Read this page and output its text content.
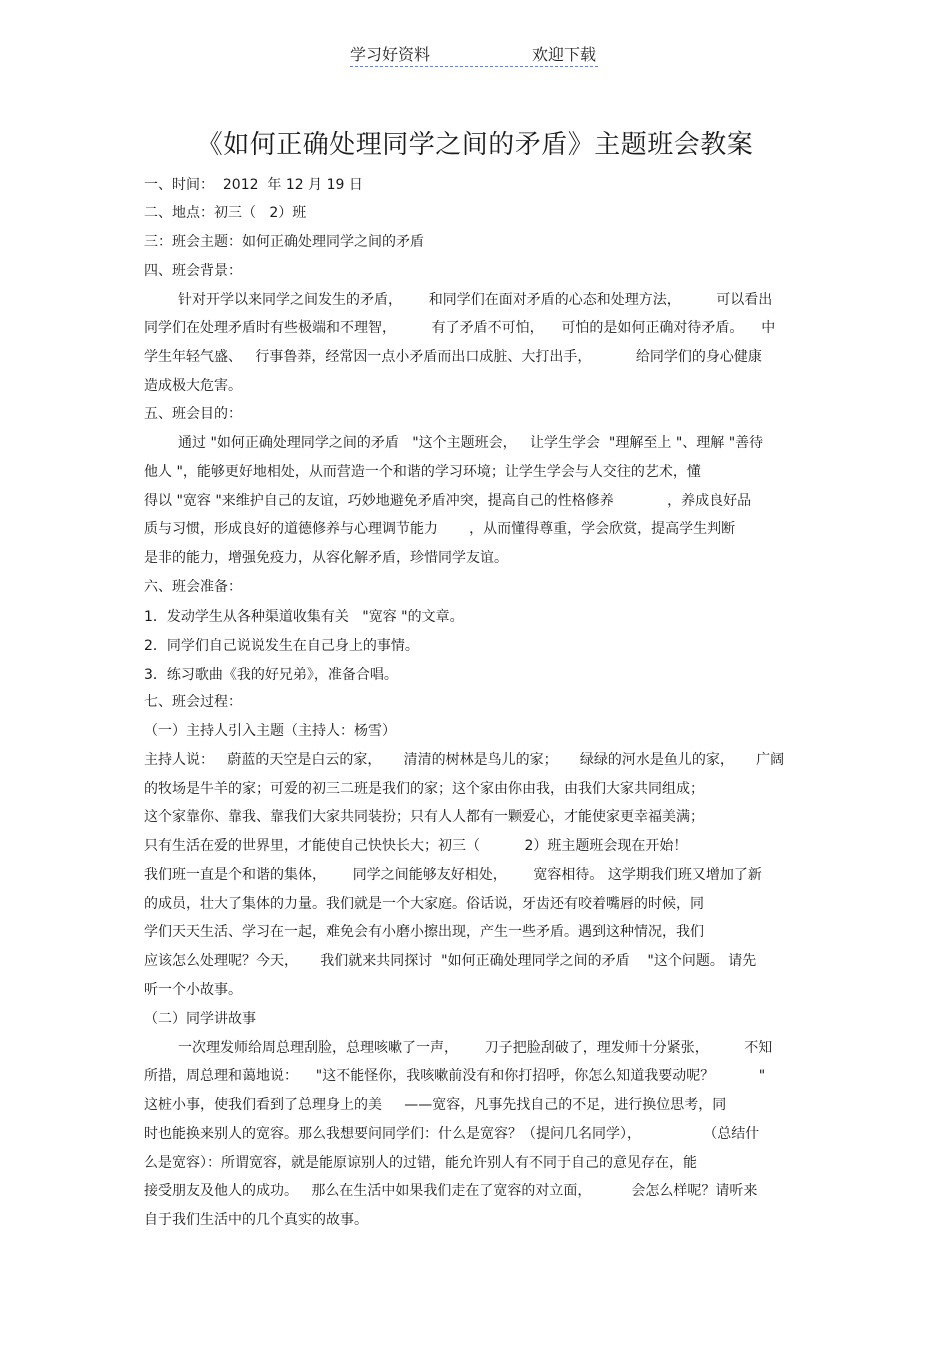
学习好资料	欢迎下载
《如何正确处理同学之间的矛盾》主题班会教案
一、时间：  2012  年 12 月 19 日
二、地点：初三（   2）班
三：班会主题：如何正确处理同学之间的矛盾
四、班会背景：
针对开学以来同学之间发生的矛盾，      和同学们在面对矛盾的心态和处理方法，        可以看出
同学们在处理矛盾时有些极端和不理智，        有了矛盾不可怕，    可怕的是如何正确对待矛盾。    中
学生年轻气盛、   行事鲁莽，经常因一点小矛盾而出口成脏、大打出手，          给同学们的身心健康
造成极大危害。
五、班会目的：
通过 "如何正确处理同学之间的矛盾   "这个主题班会，   让学生学会  "理解至上 "、理解 "善待
他人 "，能够更好地相处，从而营造一个和谐的学习环境；让学生学会与人交往的艺术，懂
得以 "宽容 "来维护自己的友谊，巧妙地避免矛盾冲突，提高自己的性格修养            ，养成良好品
质与习惯，形成良好的道德修养与心理调节能力       ，从而懂得尊重，学会欣赏，提高学生判断
是非的能力，增强免疫力，从容化解矛盾，珍惜同学友谊。
六、班会准备：
1．发动学生从各种渠道收集有关   "宽容 "的文章。
2．同学们自己说说发生在自己身上的事情。
3．练习歌曲《我的好兄弟》，准备合唱。
七、班会过程：
（一）主持人引入主题（主持人：杨雪）
主持人说：   蔚蓝的天空是白云的家，     清清的树林是鸟儿的家；     绿绿的河水是鱼儿的家，     广阔
的牧场是牛羊的家；可爱的初三二班是我们的家；这个家由你由我，由我们大家共同组成；
这个家靠你、靠我、靠我们大家共同装扮；只有人人都有一颗爱心，才能使家更幸福美满；
只有生活在爱的世界里，才能使自己快快长大；初三（          2）班主题班会现在开始！
我们班一直是个和谐的集体，      同学之间能够友好相处，      宽容相待。 这学期我们班又增加了新
的成员，壮大了集体的力量。我们就是一个大家庭。俗话说，牙齿还有咬着嘴唇的时候，同
学们天天生活、学习在一起，难免会有小磨小擦出现，产生一些矛盾。遇到这种情况，我们
应该怎么处理呢？今天，     我们就来共同探讨  "如何正确处理同学之间的矛盾    "这个问题。 请先
听一个小故事。
（二）同学讲故事
一次理发师给周总理刮脸，总理咳嗽了一声，      刀子把脸刮破了，理发师十分紧张，        不知
所措，周总理和蔼地说：    "这不能怪你，我咳嗽前没有和你打招呼，你怎么知道我要动呢？          "
这桩小事，使我们看到了总理身上的美     ——宽容，凡事先找自己的不足，进行换位思考，同
时也能换来别人的宽容。那么我想要问同学们：什么是宽容？（提问几名同学），              （总结什
么是宽容）：所谓宽容，就是能原谅别人的过错，能允许别人有不同于自己的意见存在，能
接受朋友及他人的成功。   那么在生活中如果我们走在了宽容的对立面，         会怎么样呢？请听来
自于我们生活中的几个真实的故事。
